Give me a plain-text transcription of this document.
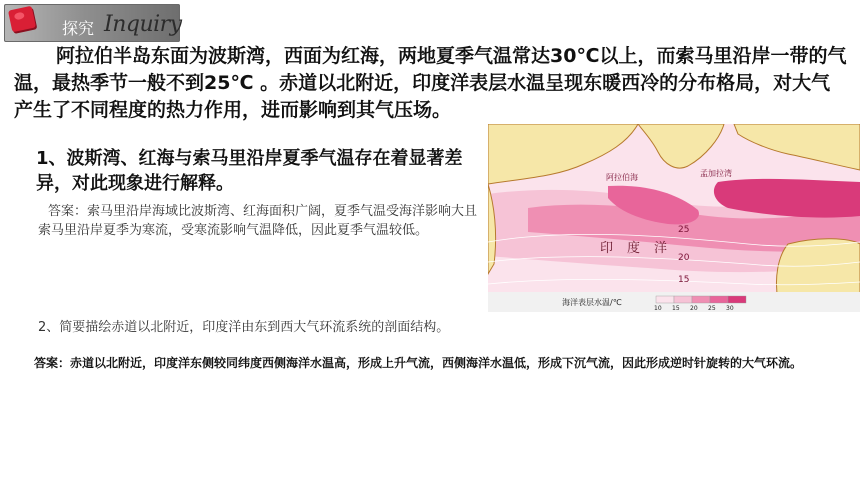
探究 Inquiry
阿拉伯半岛东面为波斯湾，西面为红海，两地夏季气温常达30℃以上，而索马里沿岸一带的气温，最热季节一般不到25℃ 。赤道以北附近，印度洋表层水温呈现东暖西冷的分布格局，对大气产生了不同程度的热力作用，进而影响到其气压场。
1、波斯湾、红海与索马里沿岸夏季气温存在着显著差异，对此现象进行解释。
答案：索马里沿岸海域比波斯湾、红海面积广阔，夏季气温受海洋影响大且索马里沿岸夏季为寒流，受寒流影响气温降低，因此夏季气温较低。	25
20
15
阿拉伯海	孟加拉湾
印度洋
海洋表层水温/℃
10 15 20 25 30
2、简要描绘赤道以北附近，印度洋由东到西大气环流系统的剖面结构。
答案：赤道以北附近，印度洋东侧较同纬度西侧海洋水温高，形成上升气流，西侧海洋水温低，形成下沉气流，因此形成逆时针旋转的大气环流。
